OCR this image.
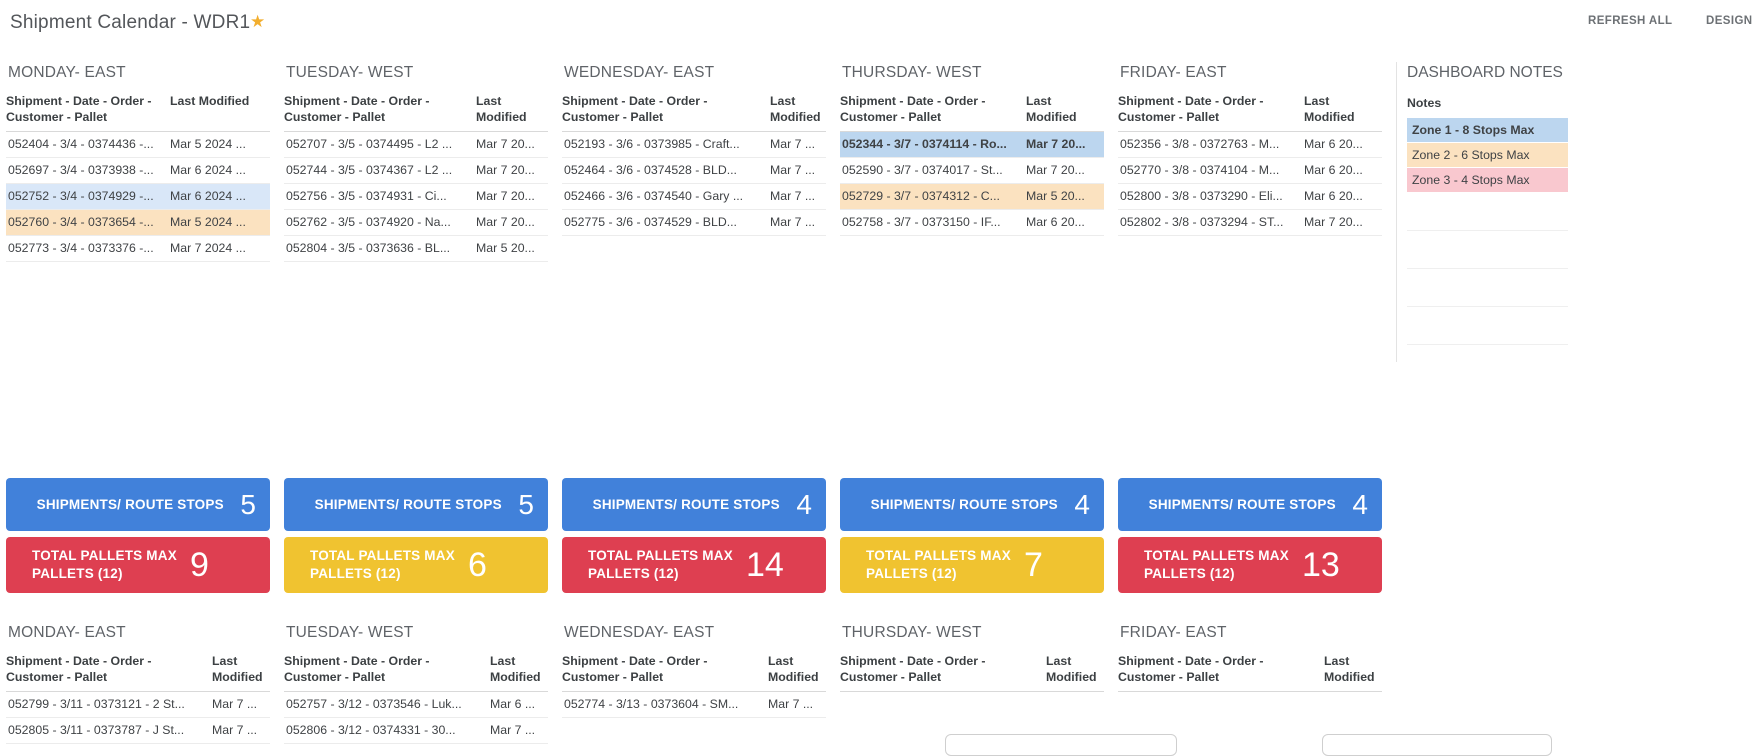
Shipment Calendar - WDR1 ★	REFRESH ALL	DESIGN
MONDAY- EAST
Shipment - Date - Order - Customer - Pallet
Last Modified
052404 - 3/4 - 0374436 -...	Mar 5 2024 ...
052697 - 3/4 - 0373938 -...	Mar 6 2024 ...
052752 - 3/4 - 0374929 -...	Mar 6 2024 ...
052760 - 3/4 - 0373654 -...	Mar 5 2024 ...
052773 - 3/4 - 0373376 -...	Mar 7 2024 ...
TUESDAY- WEST
Shipment - Date - Order - Customer - Pallet
Last Modified
052707 - 3/5 - 0374495 - L2 ...	Mar 7 20...
052744 - 3/5 - 0374367 - L2 ...	Mar 7 20...
052756 - 3/5 - 0374931 - Ci...	Mar 7 20...
052762 - 3/5 - 0374920 - Na...	Mar 7 20...
052804 - 3/5 - 0373636 - BL...	Mar 5 20...
WEDNESDAY- EAST
Shipment - Date - Order - Customer - Pallet
Last Modified
052193 - 3/6 - 0373985 - Craft...	Mar 7 ...
052464 - 3/6 - 0374528 - BLD...	Mar 7 ...
052466 - 3/6 - 0374540 - Gary ...	Mar 7 ...
052775 - 3/6 - 0374529 - BLD...	Mar 7 ...
THURSDAY- WEST
Shipment - Date - Order - Customer - Pallet
Last Modified
052344 - 3/7 - 0374114 - Ro...	Mar 7 20...
052590 - 3/7 - 0374017 - St...	Mar 7 20...
052729 - 3/7 - 0374312 - C...	Mar 5 20...
052758 - 3/7 - 0373150 - IF...	Mar 6 20...
FRIDAY- EAST
Shipment - Date - Order - Customer - Pallet
Last Modified
052356 - 3/8 - 0372763 - M...	Mar 6 20...
052770 - 3/8 - 0374104 - M...	Mar 6 20...
052800 - 3/8 - 0373290 - Eli...	Mar 6 20...
052802 - 3/8 - 0373294 - ST...	Mar 7 20...
DASHBOARD NOTES
Notes
Zone 1 - 8 Stops Max
Zone 2 - 6 Stops Max
Zone 3 - 4 Stops Max
SHIPMENTS/ ROUTE STOPS 5
TOTAL PALLETS MAX PALLETS (12)	9
SHIPMENTS/ ROUTE STOPS 5
TOTAL PALLETS MAX PALLETS (12)	6
SHIPMENTS/ ROUTE STOPS 4
TOTAL PALLETS MAX PALLETS (12)	14
SHIPMENTS/ ROUTE STOPS 4
TOTAL PALLETS MAX PALLETS (12)	7
SHIPMENTS/ ROUTE STOPS 4
TOTAL PALLETS MAX PALLETS (12)	13
MONDAY- EAST
Shipment - Date - Order - Customer - Pallet
Last Modified
052799 - 3/11 - 0373121 - 2 St...	Mar 7 ...
052805 - 3/11 - 0373787 - J St...	Mar 7 ...
TUESDAY- WEST
Shipment - Date - Order - Customer - Pallet
Last Modified
052757 - 3/12 - 0373546 - Luk...	Mar 6 ...
052806 - 3/12 - 0374331 - 30...	Mar 7 ...
WEDNESDAY- EAST
Shipment - Date - Order - Customer - Pallet
Last Modified
052774 - 3/13 - 0373604 - SM...	Mar 7 ...
THURSDAY- WEST
Shipment - Date - Order - Customer - Pallet
Last Modified
FRIDAY- EAST
Shipment - Date - Order - Customer - Pallet
Last Modified
